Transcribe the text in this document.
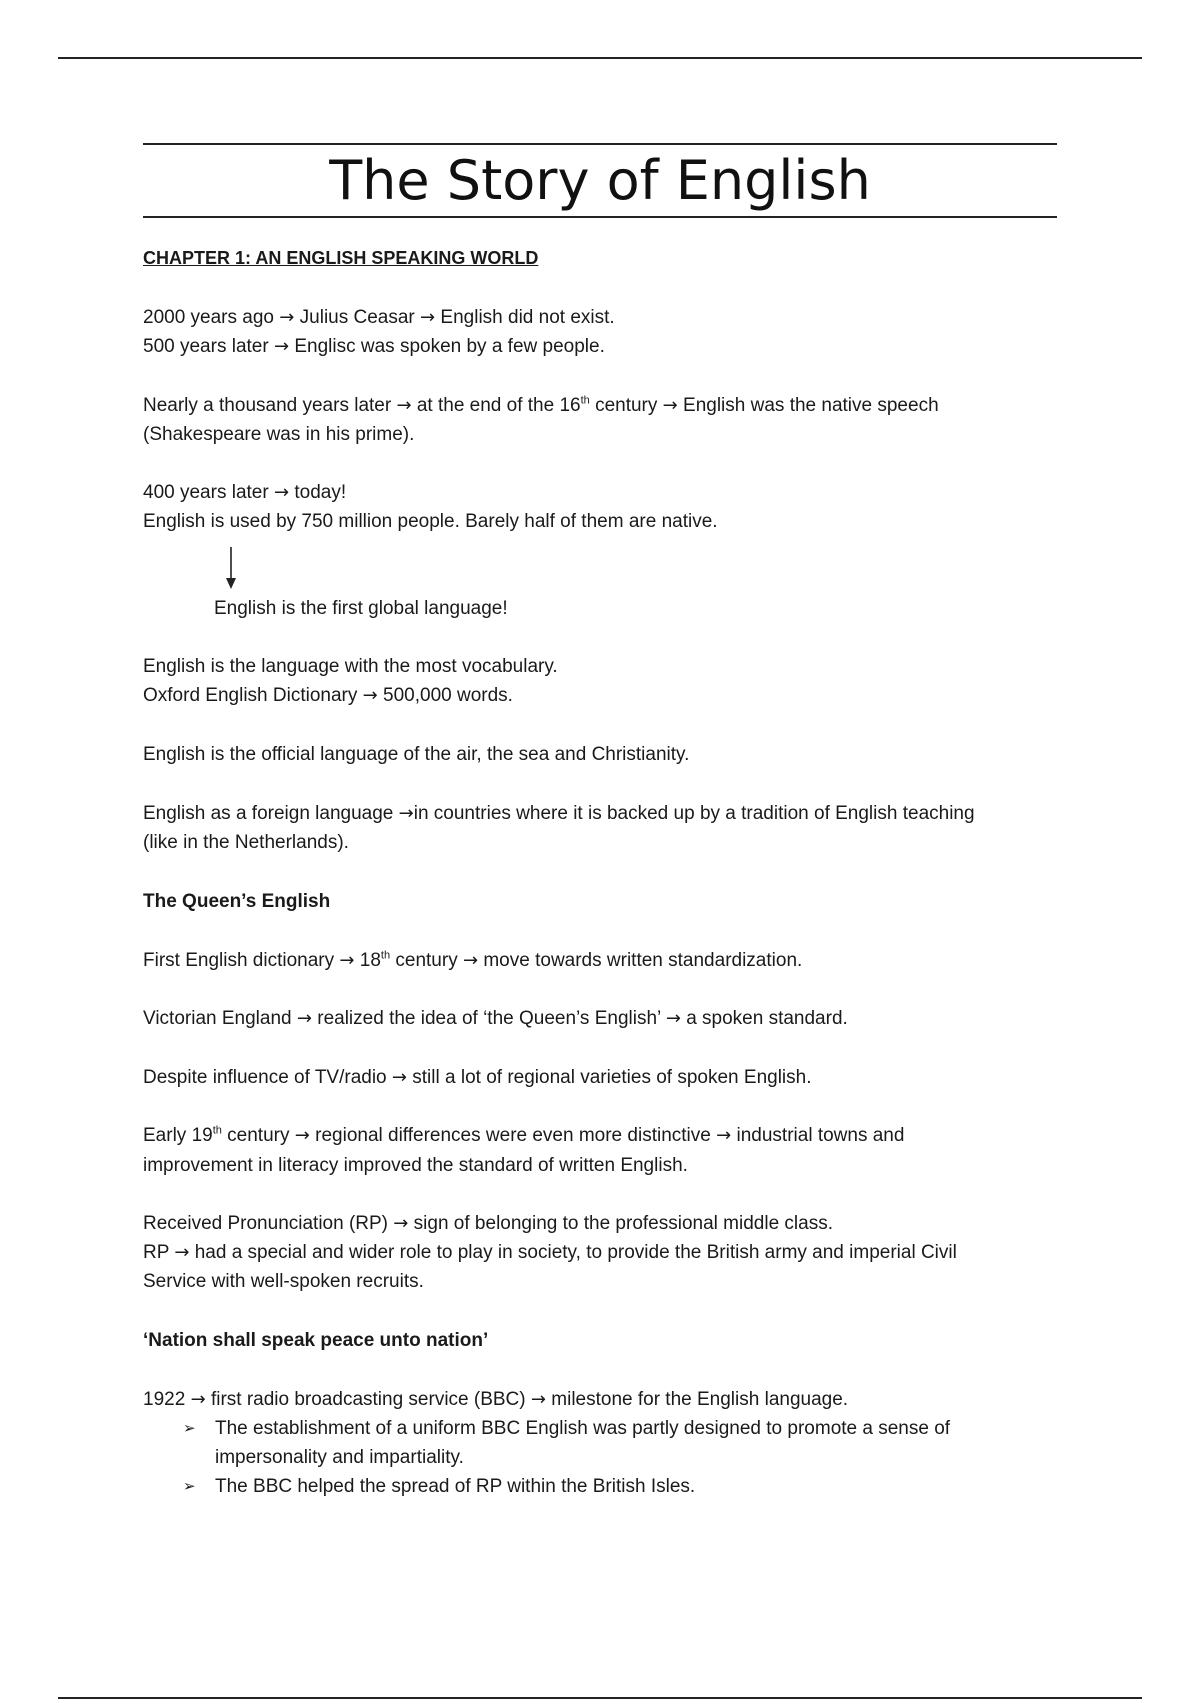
The Story of English
CHAPTER 1: AN ENGLISH SPEAKING WORLD
2000 years ago → Julius Ceasar → English did not exist.
500 years later → Englisc was spoken by a few people.
Nearly a thousand years later → at the end of the 16th century → English was the native speech
(Shakespeare was in his prime).
400 years later → today!
English is used by 750 million people. Barely half of them are native.
English is the first global language!
English is the language with the most vocabulary.
Oxford English Dictionary → 500,000 words.
English is the official language of the air, the sea and Christianity.
English as a foreign language →in countries where it is backed up by a tradition of English teaching
(like in the Netherlands).
The Queen’s English
First English dictionary → 18th century → move towards written standardization.
Victorian England → realized the idea of ‘the Queen’s English’ → a spoken standard.
Despite influence of TV/radio → still a lot of regional varieties of spoken English.
Early 19th century → regional differences were even more distinctive → industrial towns and
improvement in literacy improved the standard of written English.
Received Pronunciation (RP) → sign of belonging to the professional middle class.
RP → had a special and wider role to play in society, to provide the British army and imperial Civil
Service with well-spoken recruits.
‘Nation shall speak peace unto nation’
1922 → first radio broadcasting service (BBC) → milestone for the English language.
➢ The establishment of a uniform BBC English was partly designed to promote a sense of impersonality and impartiality.
➢ The BBC helped the spread of RP within the British Isles.
